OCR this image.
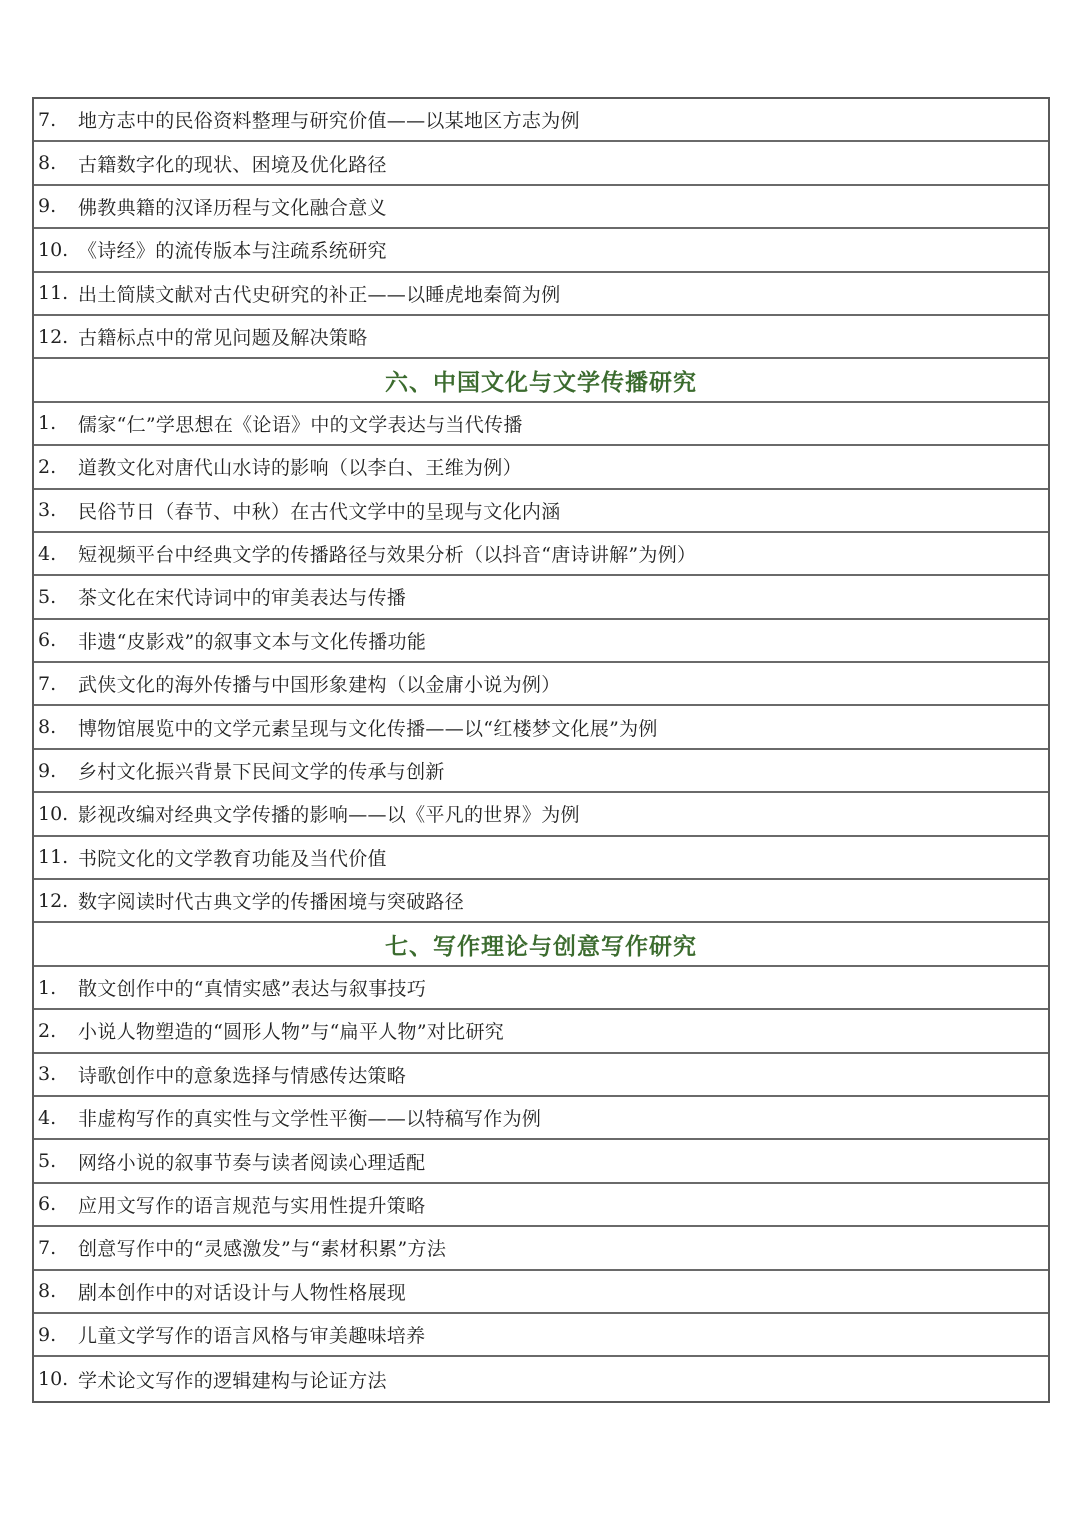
7.	地方志中的民俗资料整理与研究价值——以某地区方志为例
8.	古籍数字化的现状、困境及优化路径
9.	佛教典籍的汉译历程与文化融合意义
10. 《诗经》的流传版本与注疏系统研究
11. 出土简牍文献对古代史研究的补正——以睡虎地秦简为例
12. 古籍标点中的常见问题及解决策略
六、中国文化与文学传播研究
1.	儒家“仁”学思想在《论语》中的文学表达与当代传播
2.	道教文化对唐代山水诗的影响（以李白、王维为例）
3.	民俗节日（春节、中秋）在古代文学中的呈现与文化内涵
4.	短视频平台中经典文学的传播路径与效果分析（以抖音“唐诗讲解”为例）
5.	茶文化在宋代诗词中的审美表达与传播
6.	非遗“皮影戏”的叙事文本与文化传播功能
7.	武侠文化的海外传播与中国形象建构（以金庸小说为例）
8.	博物馆展览中的文学元素呈现与文化传播——以“红楼梦文化展”为例
9.	乡村文化振兴背景下民间文学的传承与创新
10. 影视改编对经典文学传播的影响——以《平凡的世界》为例
11. 书院文化的文学教育功能及当代价值
12. 数字阅读时代古典文学的传播困境与突破路径
七、写作理论与创意写作研究
1.	散文创作中的“真情实感”表达与叙事技巧
2.	小说人物塑造的“圆形人物”与“扁平人物”对比研究
3.	诗歌创作中的意象选择与情感传达策略
4.	非虚构写作的真实性与文学性平衡——以特稿写作为例
5.	网络小说的叙事节奏与读者阅读心理适配
6.	应用文写作的语言规范与实用性提升策略
7.	创意写作中的“灵感激发”与“素材积累”方法
8.	剧本创作中的对话设计与人物性格展现
9.	儿童文学写作的语言风格与审美趣味培养
10. 学术论文写作的逻辑建构与论证方法
